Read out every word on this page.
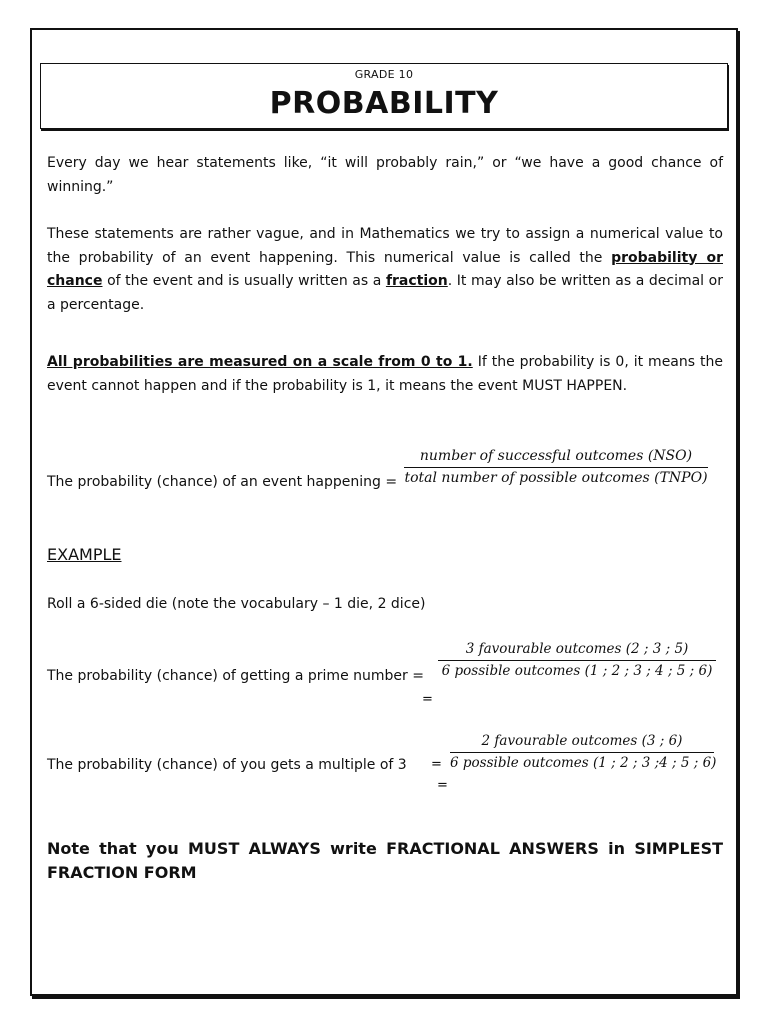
GRADE 10
PROBABILITY

Every day we hear statements like, “it will probably rain,” or “we have a good chance of winning.”

These statements are rather vague, and in Mathematics we try to assign a numerical value to the probability of an event happening. This numerical value is called the probability or chance of the event and is usually written as a fraction. It may also be written as a decimal or a percentage.

All probabilities are measured on a scale from 0 to 1. If the probability is 0, it means the event cannot happen and if the probability is 1, it means the event MUST HAPPEN.

The probability (chance) of an event happening =
number of successful outcomes (NSO)
total number of possible outcomes (TNPO)
EXAMPLE
Roll a 6-sided die (note the vocabulary – 1 die, 2 dice)
The probability (chance) of getting a prime number =
3 favourable outcomes (2 ; 3 ; 5)
6 possible outcomes (1 ; 2 ; 3 ; 4 ; 5 ; 6)
=
The probability (chance) of you gets a multiple of 3 =
2 favourable outcomes (3 ; 6)
6 possible outcomes (1 ; 2 ; 3 ;4 ; 5 ; 6)
=
Note that you MUST ALWAYS write FRACTIONAL ANSWERS in SIMPLEST FRACTION FORM
